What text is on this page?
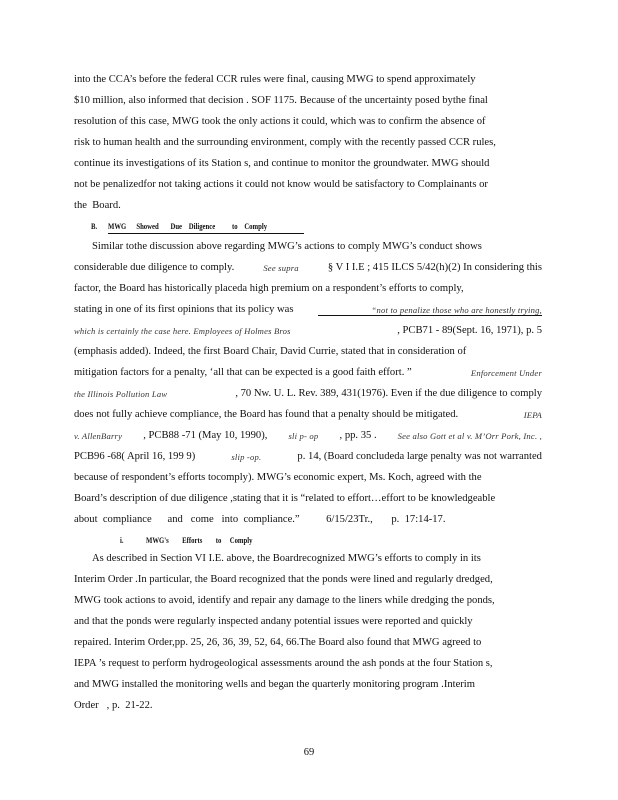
into the CCA’s before the federal CCR rules were final, causing MWG to spend approximately
$10 million, also informed that decision . SOF 1175. Because of the uncertainty posed bythe final
resolution of this case, MWG took the only actions it could, which was to confirm the absence of
risk to human health and the surrounding environment, comply with the recently passed CCR rules,
continue its investigations of its Station s, and continue to monitor the groundwater. MWG should
not be penalizedfor not taking actions it could not know would be satisfactory to Complainants or
the  Board.
B. MWG      Showed       Due    Diligence          to    Comply
Similar tothe discussion above regarding MWG’s actions to comply MWG’s conduct shows
considerable due diligence to comply.	See supra	§ V I I.E ; 415 ILCS 5/42(h)(2) In considering this
factor, the Board has historically placeda high premium on a respondent’s efforts to comply,
stating in one of its first opinions that its policy was	“not to penalize those who are honestly trying,
which is certainly the case here. Employees of Holmes Bros	, PCB71 - 89(Sept. 16, 1971), p. 5
(emphasis added). Indeed, the first Board Chair, David Currie, stated that in consideration of
mitigation factors for a penalty, ‘all that can be expected is a good faith effort. ”	Enforcement Under
the Illinois Pollution Law	, 70 Nw. U. L. Rev. 389, 431(1976). Even if the due diligence to comply
does not fully achieve compliance, the Board has found that a penalty should be mitigated.	IEPA
v. AllenBarry , PCB88 -71 (May 10, 1990), sli p- op , pp. 35 . See also Gott et al v. M’Orr Pork, Inc. ,
PCB96 -68( April 16, 199 9)	slip -op.	p. 14, (Board concludeda large penalty was not warranted
because of respondent’s efforts tocomply). MWG’s economic expert, Ms. Koch, agreed with the
Board’s description of due diligence ,stating that it is “related to effort…effort to be knowledgeable
about  compliance      and   come   into  compliance.”          6/15/23Tr.,       p.  17:14-17.
i.	MWG's        Efforts        to     Comply
As described in Section VI I.E. above, the Boardrecognized MWG’s efforts to comply in its
Interim Order .In particular, the Board recognized that the ponds were lined and regularly dredged,
MWG took actions to avoid, identify and repair any damage to the liners while dredging the ponds,
and that the ponds were regularly inspected andany potential issues were reported and quickly
repaired. Interim Order,pp. 25, 26, 36, 39, 52, 64, 66.The Board also found that MWG agreed to
IEPA ’s request to perform hydrogeological assessments around the ash ponds at the four Station s,
and MWG installed the monitoring wells and began the quarterly monitoring program .Interim
Order   , p.  21-22.
69
